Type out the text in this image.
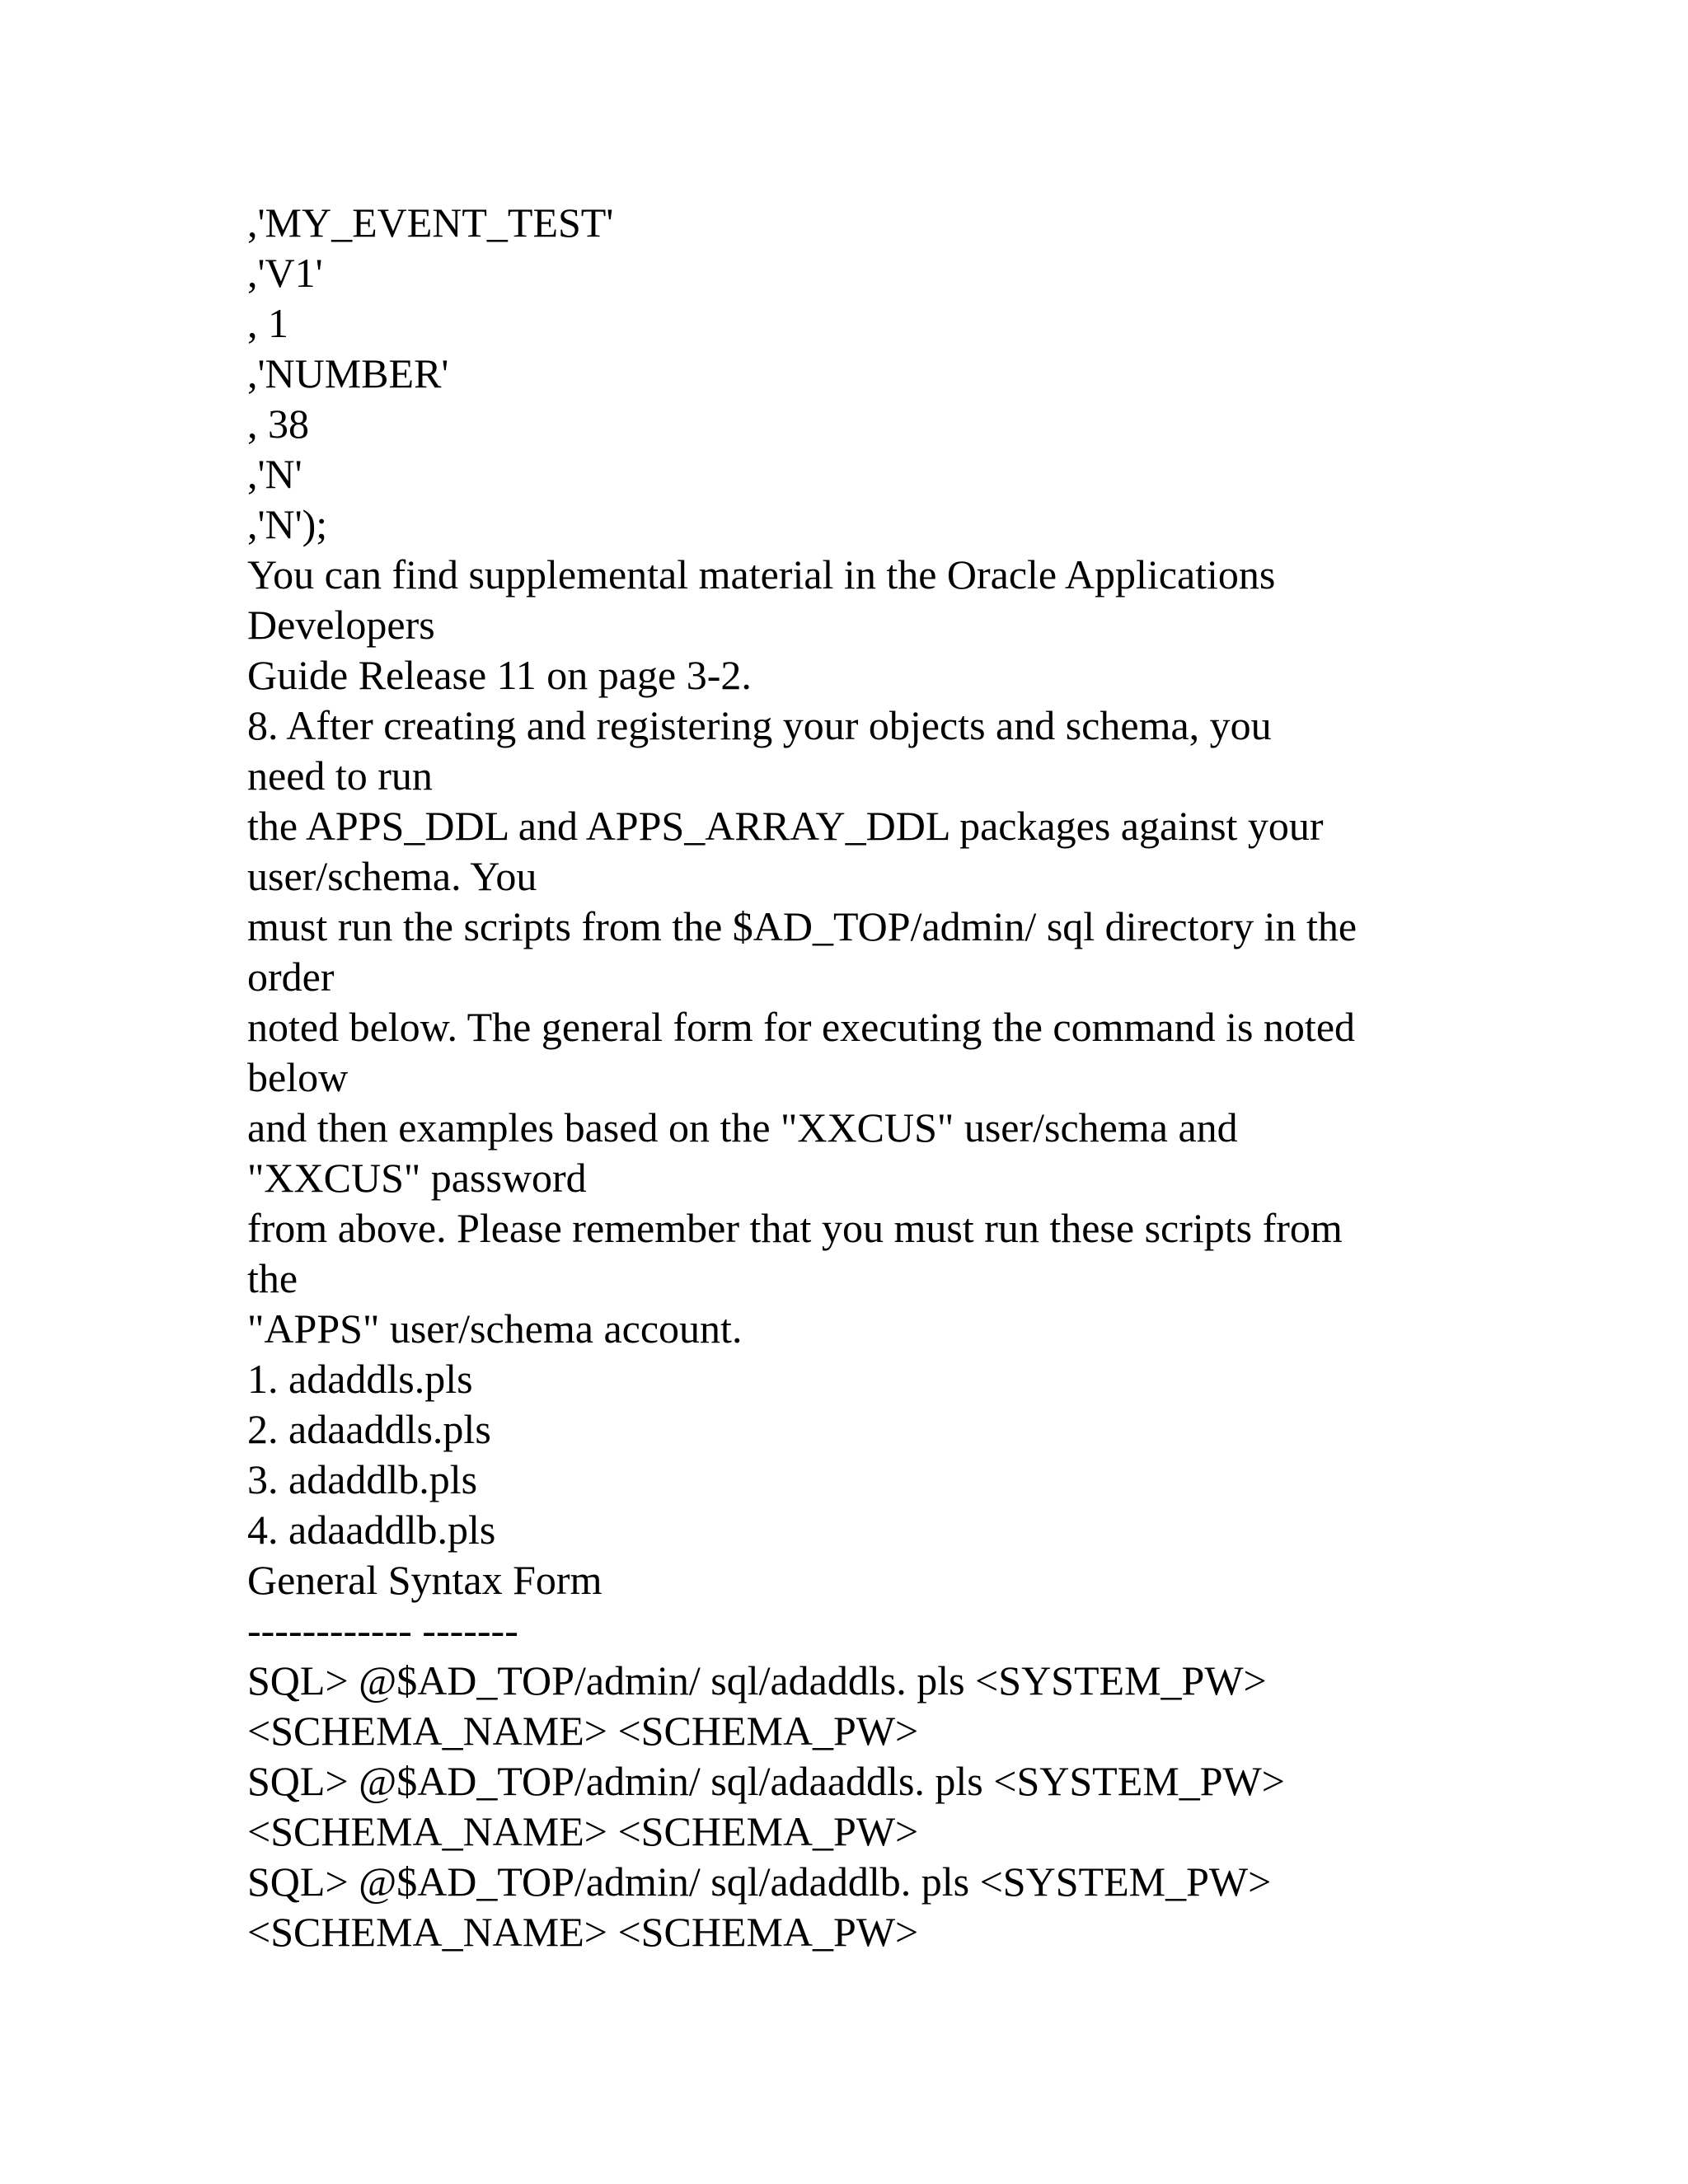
,'MY_EVENT_TEST'

,'V1'

, 1

,'NUMBER'

, 38

,'N'

,'N');

You can find supplemental material in the Oracle Applications

Developers

Guide Release 11 on page 3-2.

8. After creating and registering your objects and schema, you

need to run

the APPS_DDL and APPS_ARRAY_DDL packages against your

user/schema. You

must run the scripts from the $AD_TOP/admin/ sql directory in the

order

noted below. The general form for executing the command is noted

below

and then examples based on the "XXCUS" user/schema and

"XXCUS" password

from above. Please remember that you must run these scripts from

the

"APPS" user/schema account.

1. adaddls.pls

2. adaaddls.pls

3. adaddlb.pls

4. adaaddlb.pls

General Syntax Form

------------ -------

SQL> @$AD_TOP/admin/ sql/adaddls. pls <SYSTEM_PW>

<SCHEMA_NAME> <SCHEMA_PW>

SQL> @$AD_TOP/admin/ sql/adaaddls. pls <SYSTEM_PW>

<SCHEMA_NAME> <SCHEMA_PW>

SQL> @$AD_TOP/admin/ sql/adaddlb. pls <SYSTEM_PW>

<SCHEMA_NAME> <SCHEMA_PW>
